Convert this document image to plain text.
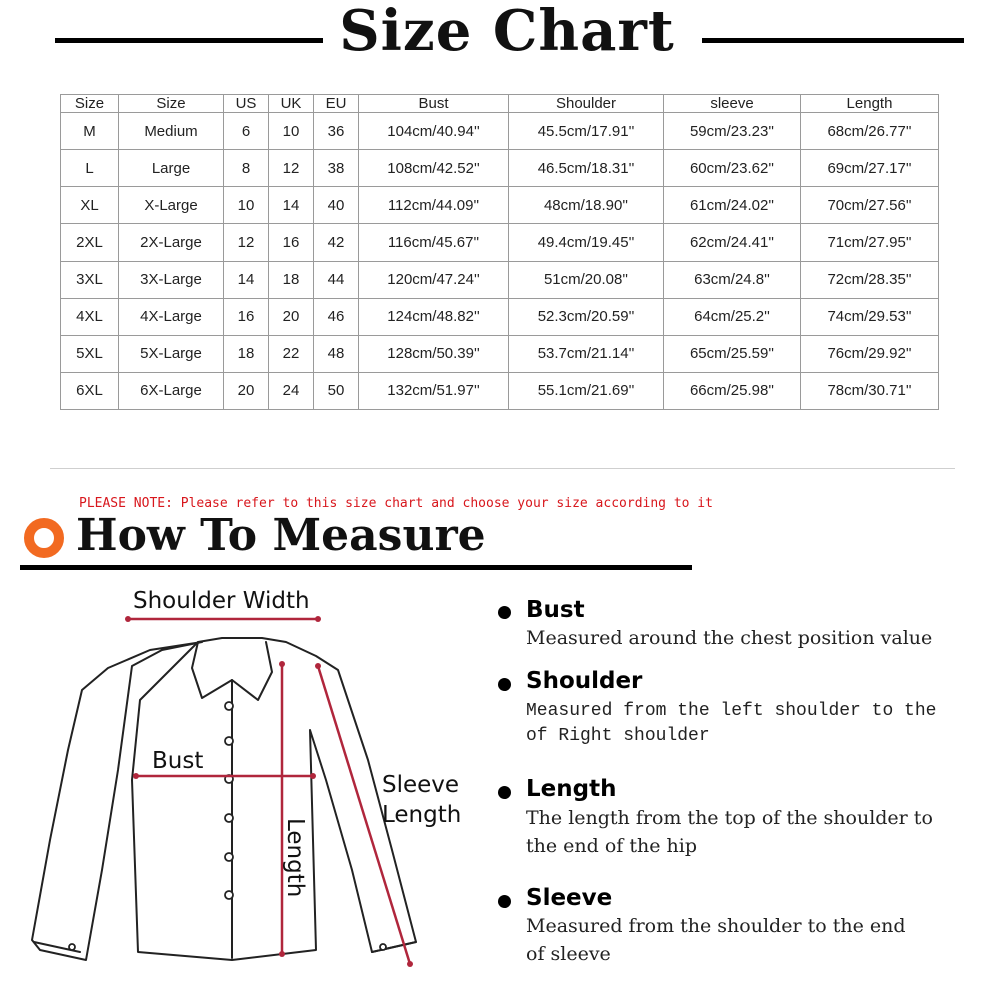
Size Chart
Size	Size	US	UK	EU	Bust	Shoulder	sleeve	Length
M	Medium	6	10	36	104cm/40.94''	45.5cm/17.91''	59cm/23.23''	68cm/26.77''
L	Large	8	12	38	108cm/42.52''	46.5cm/18.31''	60cm/23.62''	69cm/27.17''
XL	X-Large	10	14	40	112cm/44.09''	48cm/18.90''	61cm/24.02''	70cm/27.56''
2XL	2X-Large	12	16	42	116cm/45.67''	49.4cm/19.45''	62cm/24.41''	71cm/27.95''
3XL	3X-Large	14	18	44	120cm/47.24''	51cm/20.08''	63cm/24.8''	72cm/28.35''
4XL	4X-Large	16	20	46	124cm/48.82''	52.3cm/20.59''	64cm/25.2''	74cm/29.53''
5XL	5X-Large	18	22	48	128cm/50.39''	53.7cm/21.14''	65cm/25.59''	76cm/29.92''
6XL	6X-Large	20	24	50	132cm/51.97''	55.1cm/21.69''	66cm/25.98''	78cm/30.71''
PLEASE NOTE: Please refer to this size chart and choose your size according to it
How To Measure
Shoulder Width
Bust
Sleeve
Length
Length
Bust
Measured around the chest position value
Shoulder
Measured from the left shoulder to the
of Right shoulder
Length
The length from the top of the shoulder to
the end of the hip
Sleeve
Measured from the shoulder to the end
of sleeve
